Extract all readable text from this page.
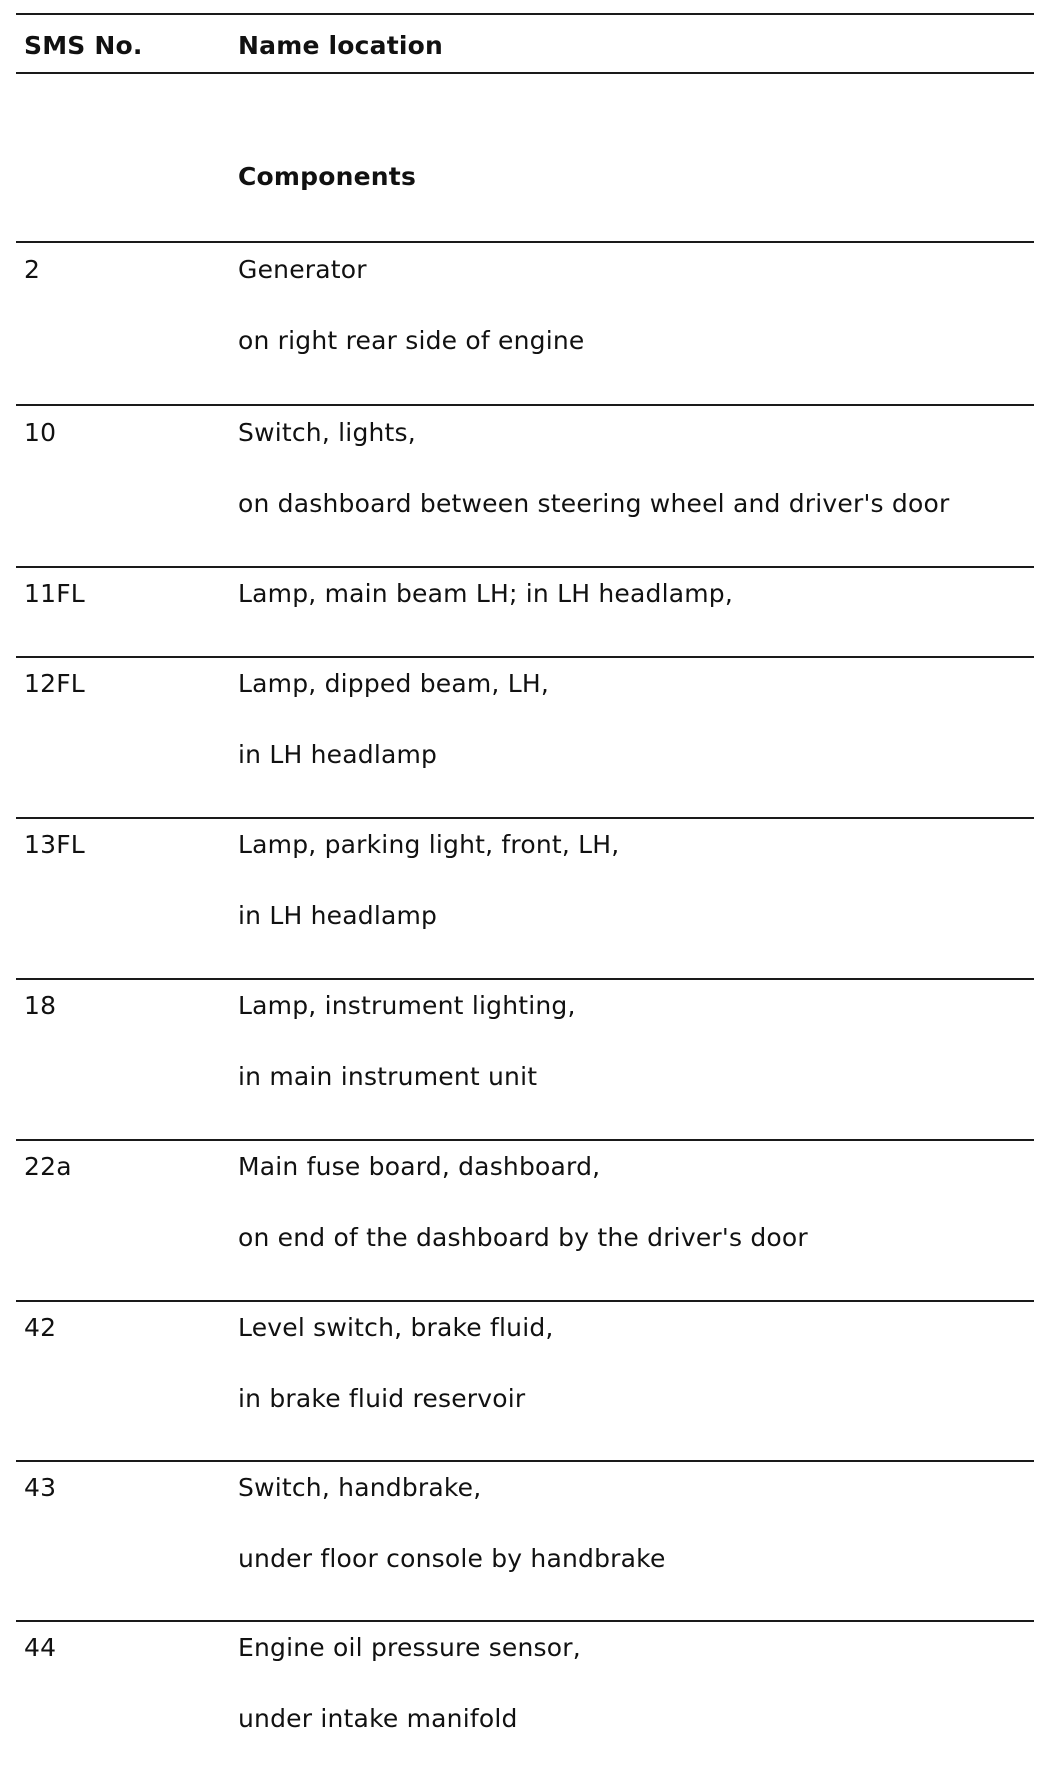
SMS No.	Name location
Components
2	Generator
on right rear side of engine
10	Switch, lights,
on dashboard between steering wheel and driver's door
11FL	Lamp, main beam LH; in LH headlamp,
12FL	Lamp, dipped beam, LH,
in LH headlamp
13FL	Lamp, parking light, front, LH,
in LH headlamp
18	Lamp, instrument lighting,
in main instrument unit
22a	Main fuse board, dashboard,
on end of the dashboard by the driver's door
42	Level switch, brake fluid,
in brake fluid reservoir
43	Switch, handbrake,
under floor console by handbrake
44	Engine oil pressure sensor,
under intake manifold
